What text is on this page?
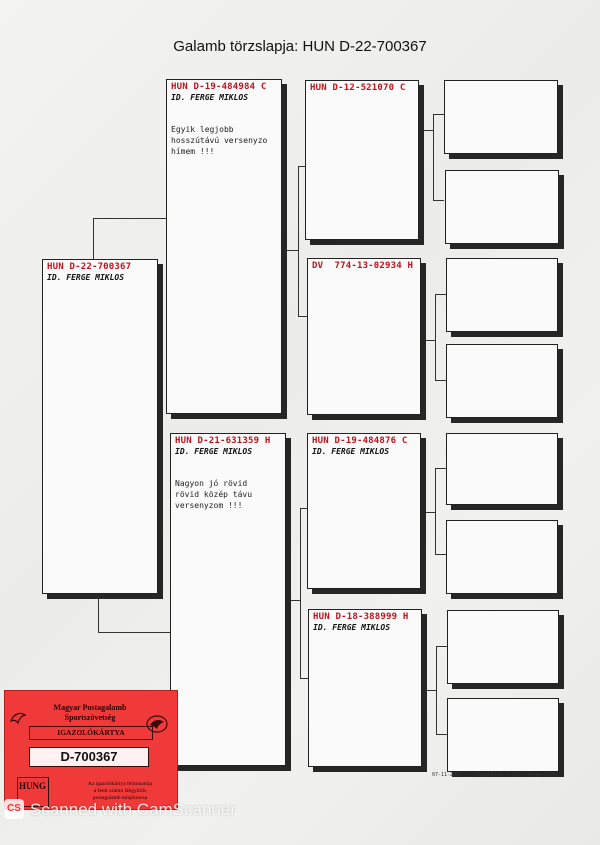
Galamb törzslapja: HUN D-22-700367
HUN D-22-700367
ID. FERGE MIKLOS
HUN D-19-484984 C
ID. FERGE MIKLOS
Egyik legjobb
hosszútávú versenyzo
hímem !!!
HUN D-21-631359 H
ID. FERGE MIKLOS
Nagyon jó rövid
rövid közép távu
versenyzom !!!
HUN D-12-521070 C
DV  774-13-02934 H
HUN D-19-484876 C
ID. FERGE MIKLOS
HUN D-18-388999 H
ID. FERGE MIKLOS
07-11-2022	Compuclub © 23j: Ferge Mikl
Magyar Postagalamb
Sportszövetség
IGAZOLÓKÁRTYA
D-700367
HUNG	Az igazolókártya felmutatója
a fenti számú lábgyűrűs
postagalamb tulajdonosa
CS Scanned with CamScanner
